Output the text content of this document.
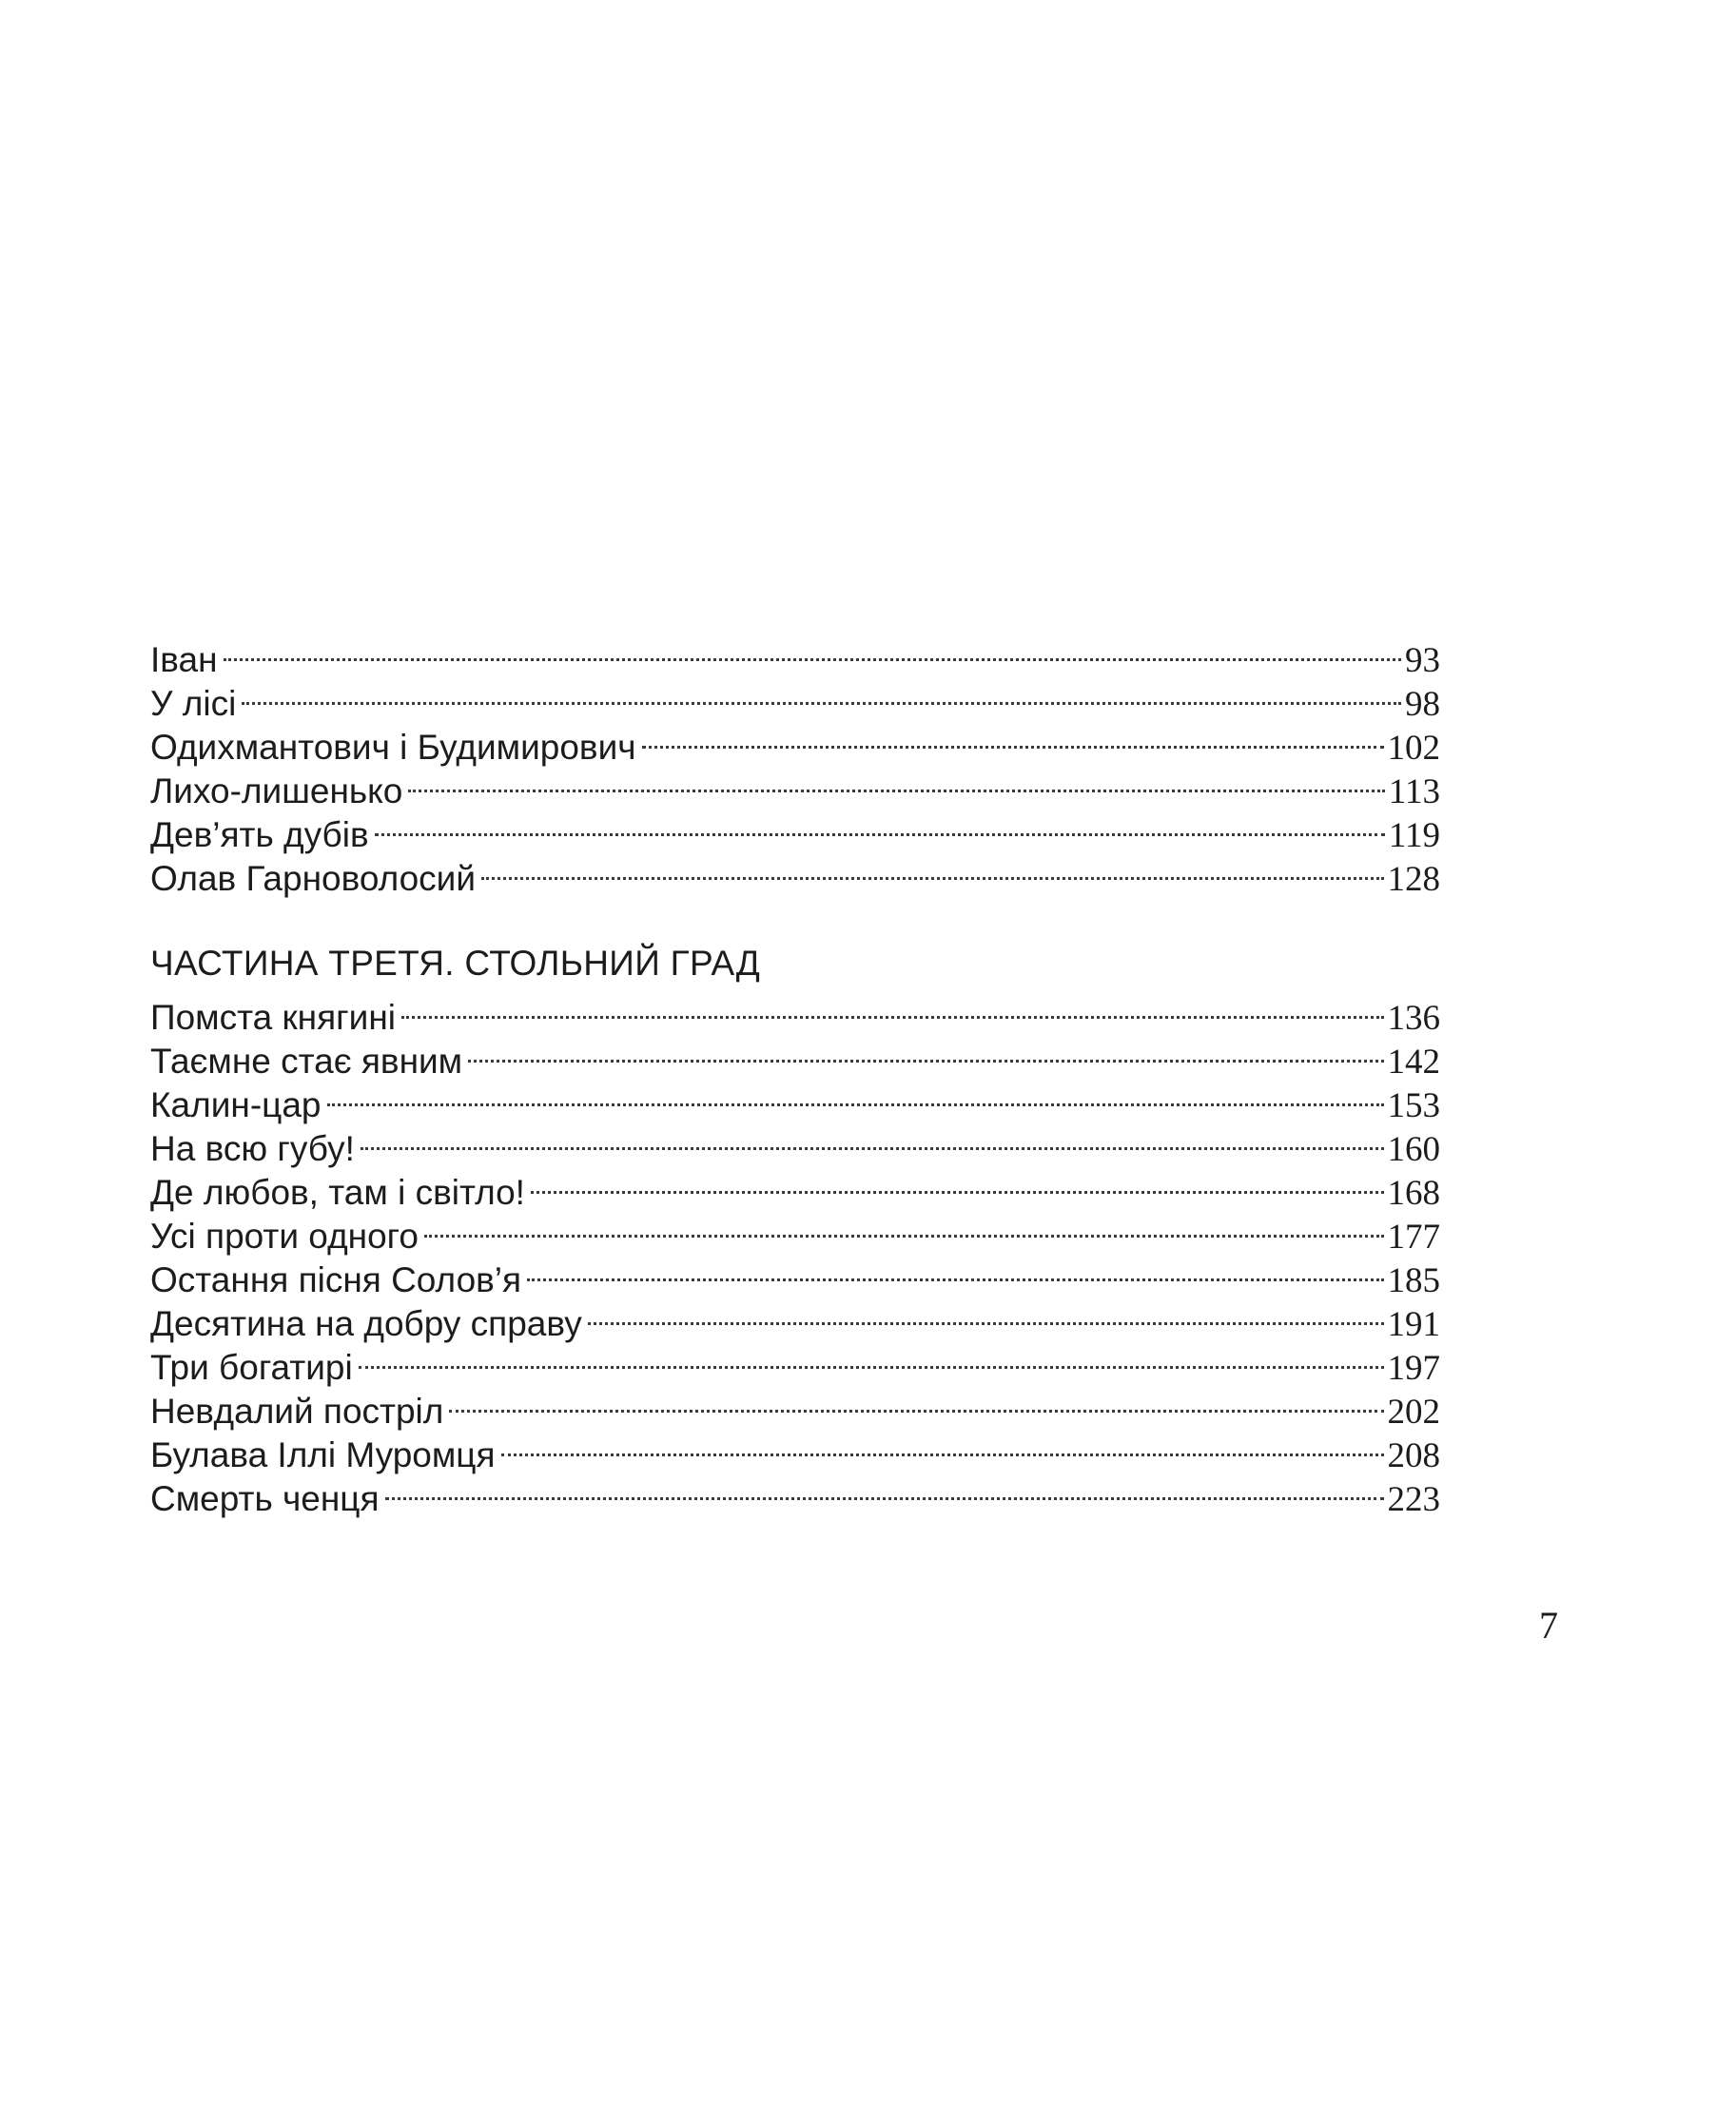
Іван	93
У лісі	98
Одихмантович і Будимирович	102
Лихо-лишенько	113
Дев’ять дубів	119
Олав Гарноволосий	128
ЧАСТИНА ТРЕТЯ. СТОЛЬНИЙ ГРАД
Помста княгині	136
Таємне стає явним	142
Калин-цар	153
На всю губу!	160
Де любов, там і світло!	168
Усі проти одного	177
Остання пісня Солов’я	185
Десятина на добру справу	191
Три богатирі	197
Невдалий постріл	202
Булава Іллі Муромця	208
Смерть ченця	223
7
